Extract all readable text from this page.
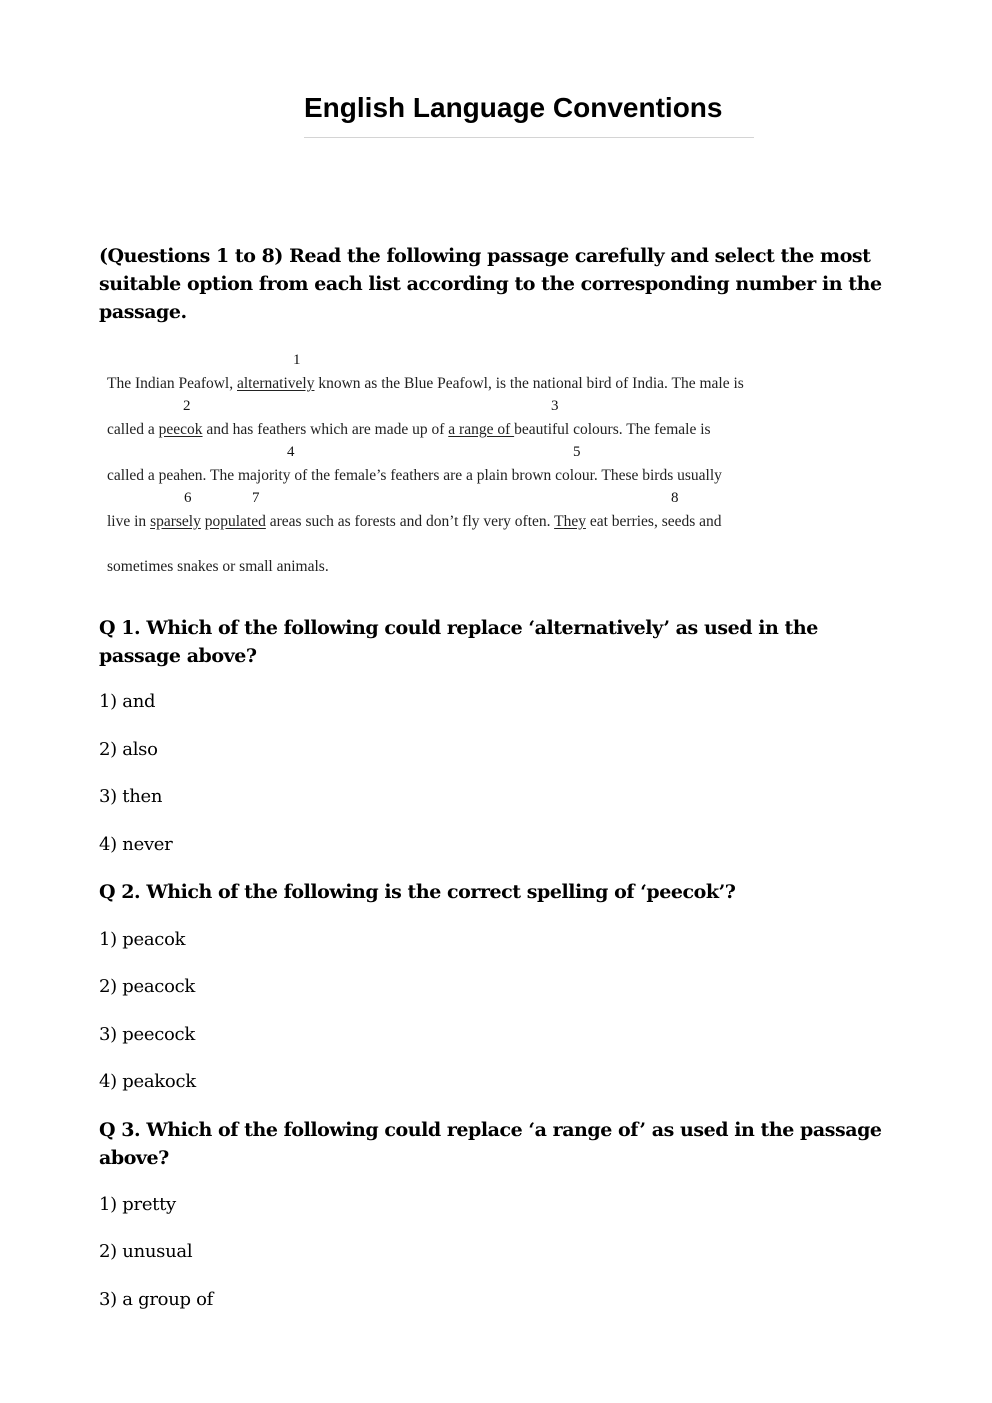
English Language Conventions
(Questions 1 to 8) Read the following passage carefully and select the most suitable option from each list according to the corresponding number in the passage.
1
2	3
4	5
6	7	8
The Indian Peafowl, alternatively known as the Blue Peafowl, is the national bird of India. The male is
called a peecok and has feathers which are made up of a range of beautiful colours. The female is
called a peahen. The majority of the female’s feathers are a plain brown colour. These birds usually
live in sparsely populated areas such as forests and don’t fly very often. They eat berries, seeds and
sometimes snakes or small animals.
Q 1. Which of the following could replace ‘alternatively’ as used in the passage above?
1) and
2) also
3) then
4) never
Q 2. Which of the following is the correct spelling of ‘peecok’?
1) peacok
2) peacock
3) peecock
4) peakock
Q 3. Which of the following could replace ‘a range of’ as used in the passage above?
1) pretty
2) unusual
3) a group of
